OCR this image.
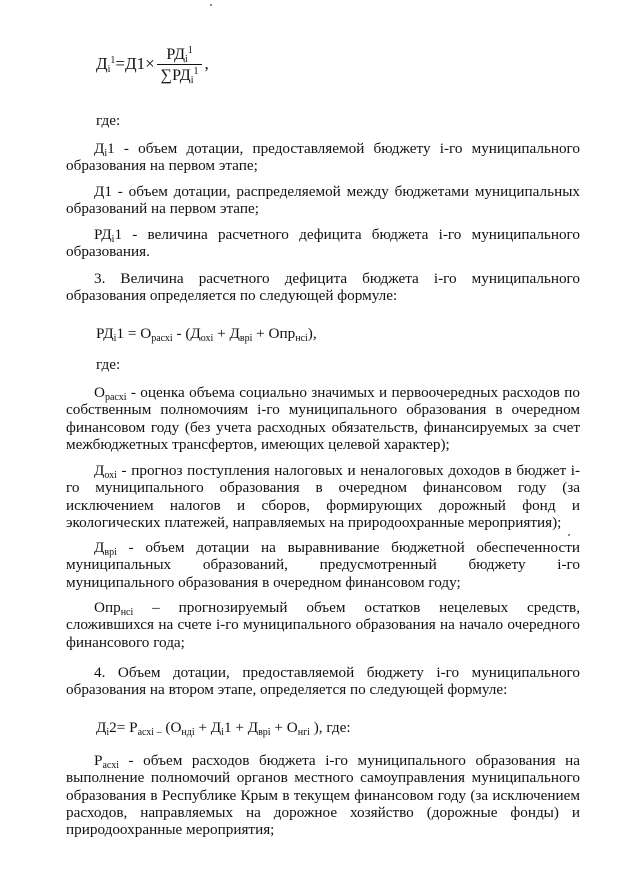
$Д_i^1=Д1\times \frac{РД_i^1}{\sum РД_i^1}$ ,
где:
$Д_i1$ - объем дотации, предоставляемой бюджету i-го муниципального образования на первом этапе;
Д1 - объем дотации, распределяемой между бюджетами муниципальных образований на первом этапе;
$РД_i1$ - величина расчетного дефицита бюджета i-го муниципального образования.
3. Величина расчетного дефицита бюджета i-го муниципального образования определяется по следующей формуле:
$РД_i1 = О_{расхi} - (Д_{охi} + Д_{врi} + Опр_{нсi})$,
где:
$О_{расхi}$ - оценка объема социально значимых и первоочередных расходов по собственным полномочиям i-го муниципального образования в очередном финансовом году (без учета расходных обязательств, финансируемых за счет межбюджетных трансфертов, имеющих целевой характер);
$Д_{охi}$ - прогноз поступления налоговых и неналоговых доходов в бюджет i-го муниципального образования в очередном финансовом году (за исключением налогов и сборов, формирующих дорожный фонд и экологических платежей, направляемых на природоохранные мероприятия);
$Д_{врi}$ - объем дотации на выравнивание бюджетной обеспеченности муниципальных образований, предусмотренный бюджету i-го муниципального образования в очередном финансовом году;
Опр$_{нсi}$ – прогнозируемый объем остатков нецелевых средств, сложившихся на счете i-го муниципального образования на начало очередного финансового года;
4. Объем дотации, предоставляемой бюджету i-го муниципального образования на втором этапе, определяется по следующей формуле:
$Д_i2= Р_{асхi -}$ ($О_{ндi} + Д_i1 + Д_{врi} + О_{нгi}$ ), где:
$Р_{асхi}$ - объем расходов бюджета i-го муниципального образования на выполнение полномочий органов местного самоуправления муниципального образования в Республике Крым в текущем финансовом году (за исключением расходов, направляемых на дорожное хозяйство (дорожные фонды) и природоохранные мероприятия;
